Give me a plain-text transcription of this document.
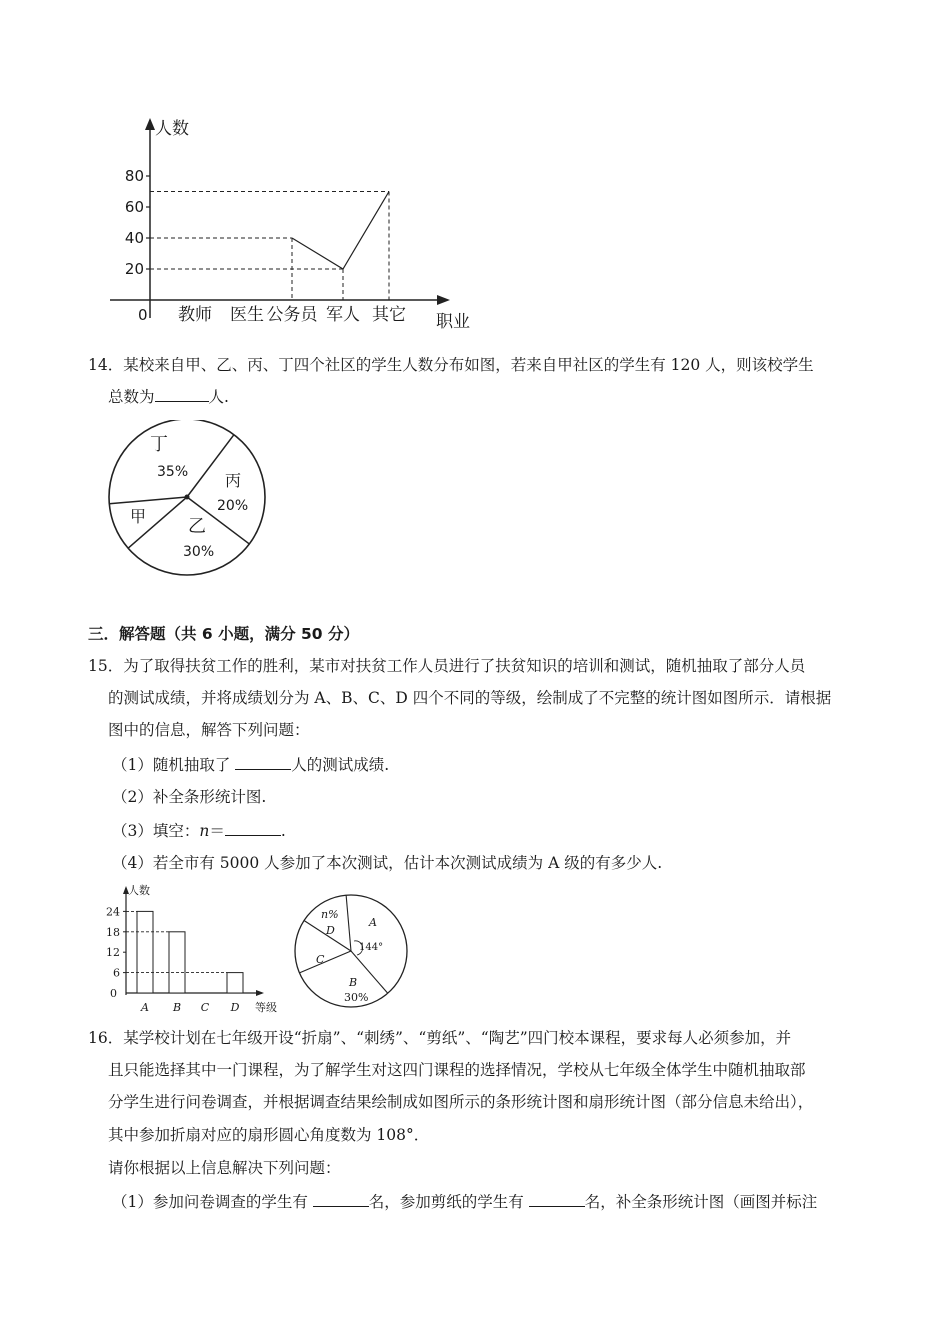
人数
职业
0
20
40
60
80
教师 医生 公务员 军人 其它
14．某校来自甲、乙、丙、丁四个社区的学生人数分布如图，若来自甲社区的学生有 120 人，则该校学生
总数为	人.
丁
35% 丙
20%
乙
30%
甲
三．解答题（共 6 小题，满分 50 分）
15．为了取得扶贫工作的胜利，某市对扶贫工作人员进行了扶贫知识的培训和测试，随机抽取了部分人员
的测试成绩，并将成绩划分为 A、B、C、D 四个不同的等级，绘制成了不完整的统计图如图所示．请根据
图中的信息，解答下列问题：
（1）随机抽取了	人的测试成绩.
（2）补全条形统计图.
（3）填空：n＝	.
（4）若全市有 5000 人参加了本次测试，估计本次测试成绩为 A 级的有多少人.
人数
等级
0
6
12
18
24
A B C D
n%
D
A
144°
C
B
30%
16．某学校计划在七年级开设“折扇”、“刺绣”、“剪纸”、“陶艺”四门校本课程，要求每人必须参加，并
且只能选择其中一门课程，为了解学生对这四门课程的选择情况，学校从七年级全体学生中随机抽取部
分学生进行问卷调查，并根据调查结果绘制成如图所示的条形统计图和扇形统计图（部分信息未给出），
其中参加折扇对应的扇形圆心角度数为 108°．
请你根据以上信息解决下列问题：
（1）参加问卷调查的学生有	名，参加剪纸的学生有	名，补全条形统计图（画图并标注
